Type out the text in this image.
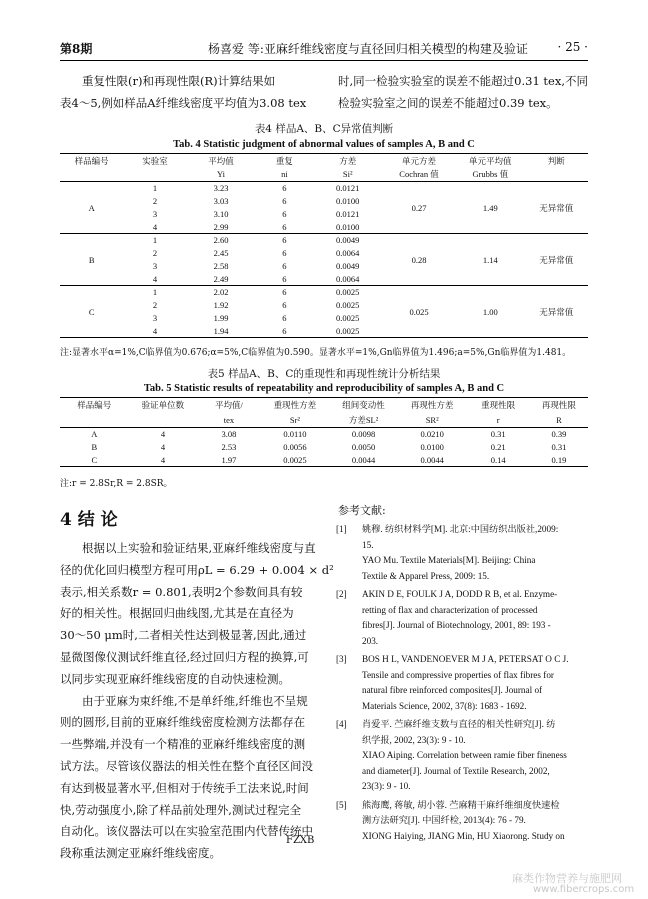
第8期	杨喜爱 等:亚麻纤维线密度与直径回归相关模型的构建及验证 · 25 ·
重复性限(r)和再现性限(R)计算结果如
表4～5,例如样品A纤维线密度平均值为3.08 tex
时,同一检验实验室的误差不能超过0.31 tex,不同
检验实验室之间的误差不能超过0.39 tex。
表4 样品A、B、C异常值判断
Tab. 4 Statistic judgment of abnormal values of samples A, B and C
样品编号	实验室	平均值	重复	方差	单元方差	单元平均值	判断
		Yi	ni	Si²	Cochran 值	Grubbs 值	
A	1	3.23	6	0.0121	0.27	1.49	无异常值
	2	3.03	6	0.0100			
	3	3.10	6	0.0121			
	4	2.99	6	0.0100			
B	1	2.60	6	0.0049	0.28	1.14	无异常值
	2	2.45	6	0.0064			
	3	2.58	6	0.0049			
	4	2.49	6	0.0064			
C	1	2.02	6	0.0025	0.025	1.00	无异常值
	2	1.92	6	0.0025			
	3	1.99	6	0.0025			
	4	1.94	6	0.0025			
注:显著水平α=1%,C临界值为0.676;α=5%,C临界值为0.590。显著水平=1%,Gn临界值为1.496;a=5%,Gn临界值为1.481。
表5 样品A、B、C的重现性和再现性统计分析结果
Tab. 5 Statistic results of repeatability and reproducibility of samples A, B and C
样品编号	验证单位数	平均值/	重现性方差	组间变动性	再现性方差	重现性限	再现性限
		tex	Sr²	方差SL²	SR²	r	R
A	4	3.08	0.0110	0.0098	0.0210	0.31	0.39
B	4	2.53	0.0056	0.0050	0.0100	0.21	0.31
C	4	1.97	0.0025	0.0044	0.0044	0.14	0.19
注:r = 2.8Sr,R = 2.8SR。
4 结 论
根据以上实验和验证结果,亚麻纤维线密度与直
径的优化回归模型方程可用ρL = 6.29 + 0.004 × d²
表示,相关系数r = 0.801,表明2个参数间具有较
好的相关性。根据回归曲线图,尤其是在直径为
30～50 μm时,二者相关性达到极显著,因此,通过
显微图像仪测试纤维直径,经过回归方程的换算,可
以同步实现亚麻纤维线密度的自动快速检测。
由于亚麻为束纤维,不是单纤维,纤维也不呈规
则的圆形,目前的亚麻纤维线密度检测方法都存在
一些弊端,并没有一个精准的亚麻纤维线密度的测
试方法。尽管该仪器法的相关性在整个直径区间没
有达到极显著水平,但相对于传统手工法来说,时间
快,劳动强度小,除了样品前处理外,测试过程完全
自动化。该仪器法可以在实验室范围内代替传统中
段称重法测定亚麻纤维线密度。
FZXB
参考文献:
[1] 姚穆. 纺织材料学[M]. 北京:中国纺织出版社,2009:
15.
YAO Mu. Textile Materials[M]. Beijing: China
Textile & Apparel Press, 2009: 15.
[2] AKIN D E, FOULK J A, DODD R B, et al. Enzyme-
retting of flax and characterization of processed
fibres[J]. Journal of Biotechnology, 2001, 89: 193 -
203.
[3] BOS H L, VANDENOEVER M J A, PETERSAT O C J.
Tensile and compressive properties of flax fibres for
natural fibre reinforced composites[J]. Journal of
Materials Science, 2002, 37(8): 1683 - 1692.
[4] 肖爱平. 苎麻纤维支数与直径的相关性研究[J]. 纺
织学报, 2002, 23(3): 9 - 10.
XIAO Aiping. Correlation between ramie fiber fineness
and diameter[J]. Journal of Textile Research, 2002,
23(3): 9 - 10.
[5] 熊海鹰, 蒋敏, 胡小蓉. 苎麻精干麻纤维细度快速检
测方法研究[J]. 中国纤检, 2013(4): 76 - 79.
XIONG Haiying, JIANG Min, HU Xiaorong. Study on
麻类作物营养与施肥网
www.fibercrops.com
